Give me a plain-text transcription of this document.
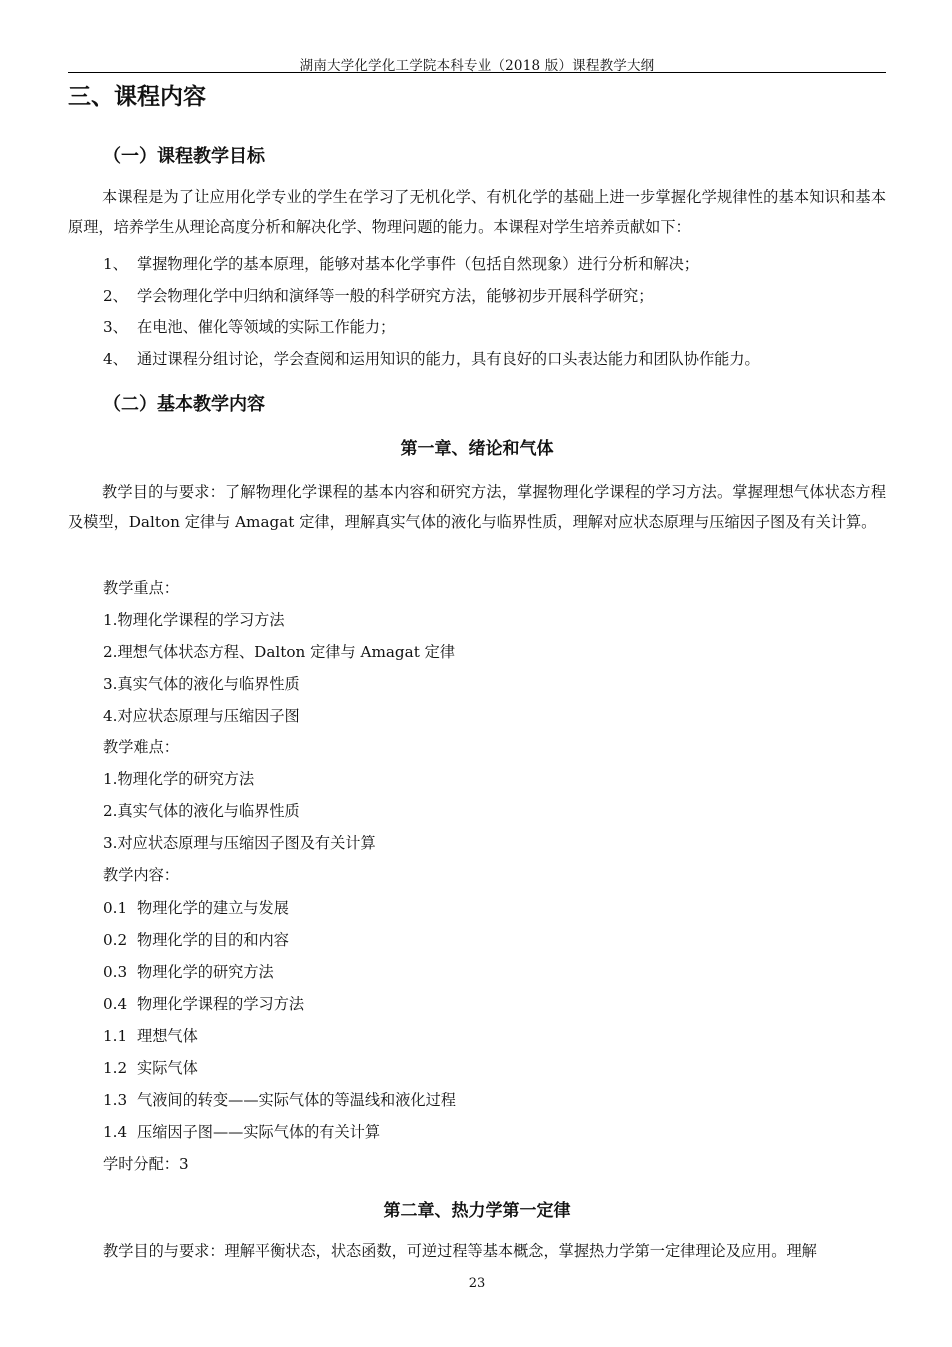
湖南大学化学化工学院本科专业（2018 版）课程教学大纲
三、课程内容
（一）课程教学目标
本课程是为了让应用化学专业的学生在学习了无机化学、有机化学的基础上进一步掌握化学规律性的基本知识和基本原理，培养学生从理论高度分析和解决化学、物理问题的能力。本课程对学生培养贡献如下：
1、 掌握物理化学的基本原理，能够对基本化学事件（包括自然现象）进行分析和解决；
2、 学会物理化学中归纳和演绎等一般的科学研究方法，能够初步开展科学研究；
3、 在电池、催化等领域的实际工作能力；
4、 通过课程分组讨论，学会查阅和运用知识的能力，具有良好的口头表达能力和团队协作能力。
（二）基本教学内容
第一章、绪论和气体
教学目的与要求：了解物理化学课程的基本内容和研究方法，掌握物理化学课程的学习方法。掌握理想气体状态方程及模型，Dalton 定律与 Amagat 定律，理解真实气体的液化与临界性质，理解对应状态原理与压缩因子图及有关计算。
教学重点：
1.物理化学课程的学习方法
2.理想气体状态方程、Dalton 定律与 Amagat 定律
3.真实气体的液化与临界性质
4.对应状态原理与压缩因子图
教学难点：
1.物理化学的研究方法
2.真实气体的液化与临界性质
3.对应状态原理与压缩因子图及有关计算
教学内容：
0.1 物理化学的建立与发展
0.2 物理化学的目的和内容
0.3 物理化学的研究方法
0.4 物理化学课程的学习方法
1.1 理想气体
1.2 实际气体
1.3 气液间的转变——实际气体的等温线和液化过程
1.4 压缩因子图——实际气体的有关计算
学时分配：3
第二章、热力学第一定律
教学目的与要求：理解平衡状态，状态函数，可逆过程等基本概念，掌握热力学第一定律理论及应用。理解
23
